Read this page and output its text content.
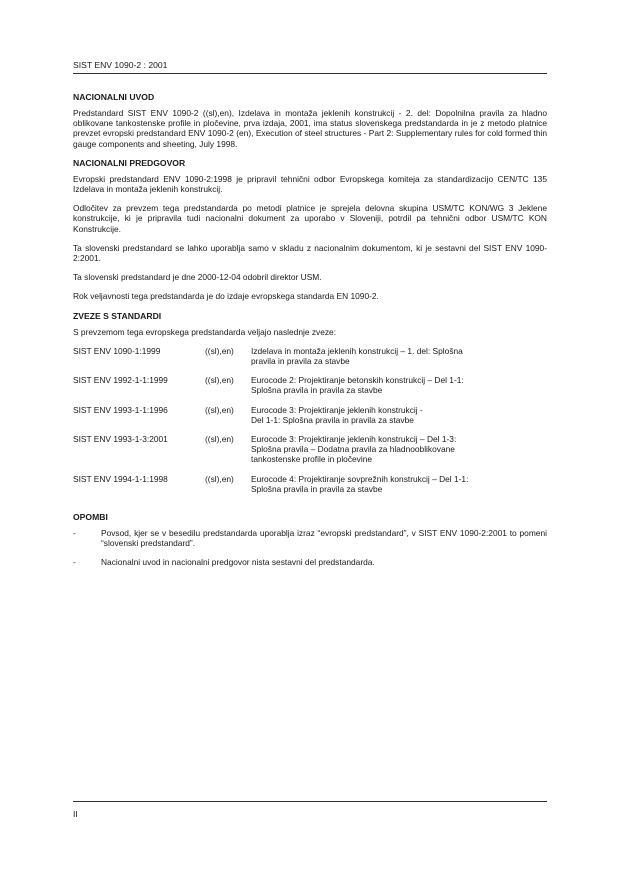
SIST ENV 1090-2 : 2001
NACIONALNI UVOD

Predstandard SIST ENV 1090-2 ((sl),en), Izdelava in montaža jeklenih konstrukcij - 2. del: Dopolnilna pravila za hladno oblikovane tankostenske profile in pločevine, prva izdaja, 2001, ima status slovenskega predstandarda in je z metodo platnice prevzet evropski predstandard ENV 1090-2 (en), Execution of steel structures - Part 2: Supplementary rules for cold formed thin gauge components and sheeting, July 1998.

NACIONALNI PREDGOVOR

Evropski predstandard ENV 1090-2:1998 je pripravil tehnični odbor Evropskega komiteja za standardizacijo CEN/TC 135 Izdelava in montaža jeklenih konstrukcij.

Odločitev za prevzem tega predstandarda po metodi platnice je sprejela delovna skupina USM/TC KON/WG 3 Jeklene konstrukcije, ki je pripravila tudi nacionalni dokument za uporabo v Sloveniji, potrdil pa tehnični odbor USM/TC KON Konstrukcije.

Ta slovenski predstandard se lahko uporablja samo v skladu z nacionalnim dokumentom, ki je sestavni del SIST ENV 1090-2:2001.

Ta slovenski predstandard je dne 2000-12-04 odobril direktor USM.

Rok veljavnosti tega predstandarda je do izdaje evropskega standarda EN 1090-2.

ZVEZE S STANDARDI

S prevzemom tega evropskega predstandarda veljajo naslednje zveze:

SIST ENV 1090-1:1999	((sl),en)	Izdelava in montaža jeklenih konstrukcij – 1. del: Splošna
pravila in pravila za stavbe
SIST ENV 1992-1-1:1999	((sl),en)	Eurocode 2: Projektiranje betonskih konstrukcij – Del 1-1:
Splošna pravila in pravila za stavbe
SIST ENV 1993-1-1:1996	((sl),en)	Eurocode 3: Projektiranje jeklenih konstrukcij -
Del 1-1: Splošna pravila in pravila za stavbe
SIST ENV 1993-1-3:2001	((sl),en)	Eurocode 3: Projektiranje jeklenih konstrukcij – Del 1-3:
Splošna pravila – Dodatna pravila za hladnooblikovane
tankostenske profile in pločevine
SIST ENV 1994-1-1:1998	((sl),en)	Eurocode 4: Projektiranje sovprežnih konstrukcij – Del 1-1:
Splošna pravila in pravila za stavbe
OPOMBI
-	Povsod, kjer se v besedilu predstandarda uporablja izraz “evropski predstandard”, v SIST ENV 1090-2:2001 to pomeni “slovenski predstandard”.
-	Nacionalni uvod in nacionalni predgovor nista sestavni del predstandarda.
II
